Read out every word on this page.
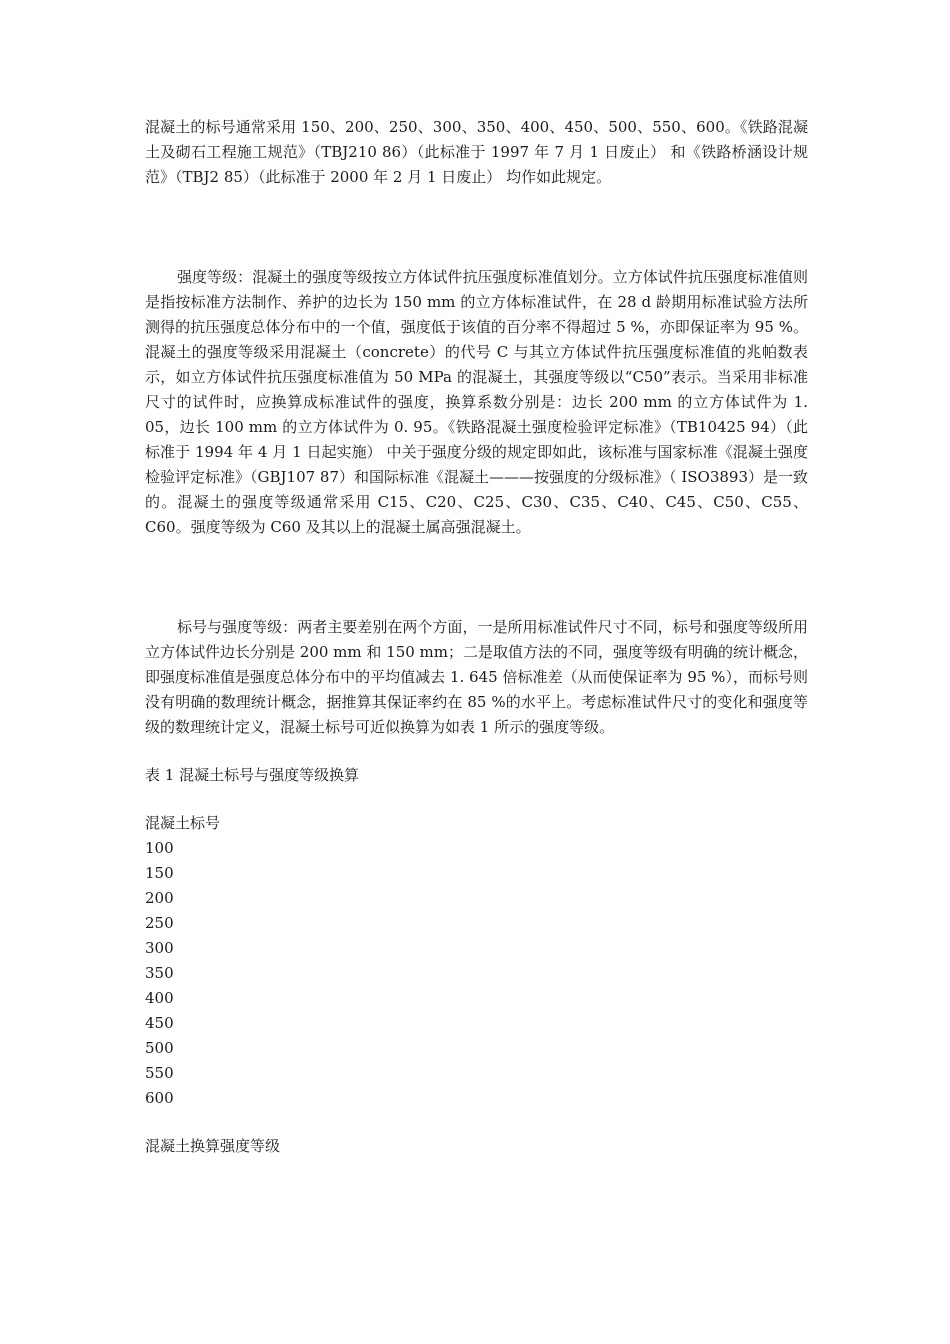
混凝土的标号通常采用 150、200、250、300、350、400、450、500、550、600。《铁路混凝土及砌石工程施工规范》（TBJ210 86）（此标准于 1997 年 7 月 1 日废止） 和《铁路桥涵设计规范》（TBJ2 85）（此标准于 2000 年 2 月 1 日废止） 均作如此规定。

强度等级：混凝土的强度等级按立方体试件抗压强度标准值划分。立方体试件抗压强度标准值则是指按标准方法制作、养护的边长为 150 mm 的立方体标准试件，在 28 d 龄期用标准试验方法所测得的抗压强度总体分布中的一个值，强度低于该值的百分率不得超过 5 %，亦即保证率为 95 %。混凝土的强度等级采用混凝土（concrete）的代号 C 与其立方体试件抗压强度标准值的兆帕数表示，如立方体试件抗压强度标准值为 50 MPa 的混凝土，其强度等级以“C50”表示。当采用非标准尺寸的试件时，应换算成标准试件的强度，换算系数分别是：边长 200 mm 的立方体试件为 1. 05，边长 100 mm 的立方体试件为 0. 95。《铁路混凝土强度检验评定标准》（TB10425 94）（此标准于 1994 年 4 月 1 日起实施） 中关于强度分级的规定即如此，该标准与国家标准《混凝土强度检验评定标准》（GBJ107 87）和国际标准《混凝土———按强度的分级标准》（ ISO3893）是一致的。混凝土的强度等级通常采用 C15、C20、C25、C30、C35、C40、C45、C50、C55、C60。强度等级为 C60 及其以上的混凝土属高强混凝土。

标号与强度等级：两者主要差别在两个方面，一是所用标准试件尺寸不同，标号和强度等级所用立方体试件边长分别是 200 mm 和 150 mm；二是取值方法的不同，强度等级有明确的统计概念，即强度标准值是强度总体分布中的平均值减去 1. 645 倍标准差（从而使保证率为 95 %），而标号则没有明确的数理统计概念，据推算其保证率约在 85 %的水平上。考虑标准试件尺寸的变化和强度等级的数理统计定义，混凝土标号可近似换算为如表 1 所示的强度等级。

表 1 混凝土标号与强度等级换算

混凝土标号

100
150
200
250
300
350
400
450
500
550
600

混凝土换算强度等级
